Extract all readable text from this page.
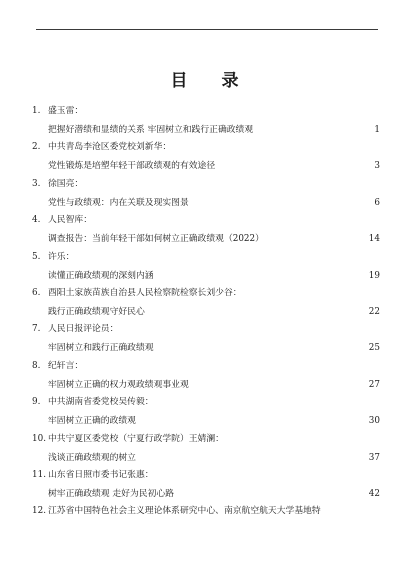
目 录
1. 盛玉雷：
把握好潜绩和显绩的关系 牢固树立和践行正确政绩观	1
2. 中共青岛李沧区委党校刘新华：
党性锻炼是培塑年轻干部政绩观的有效途径	3
3. 徐国亮：
党性与政绩观：内在关联及现实图景	6
4. 人民智库：
调查报告：当前年轻干部如何树立正确政绩观（2022）	14
5. 许乐：
读懂正确政绩观的深刻内涵	19
6. 酉阳土家族苗族自治县人民检察院检察长刘少谷：
践行正确政绩观守好民心	22
7. 人民日报评论员：
牢固树立和践行正确政绩观	25
8. 纪轩言：
牢固树立正确的权力观政绩观事业观	27
9. 中共湖南省委党校吴传毅：
牢固树立正确的政绩观	30
10. 中共宁夏区委党校（宁夏行政学院）王婧澜：
浅谈正确政绩观的树立	37
11. 山东省日照市委书记张惠：
树牢正确政绩观 走好为民初心路	42
12. 江苏省中国特色社会主义理论体系研究中心、南京航空航天大学基地特
